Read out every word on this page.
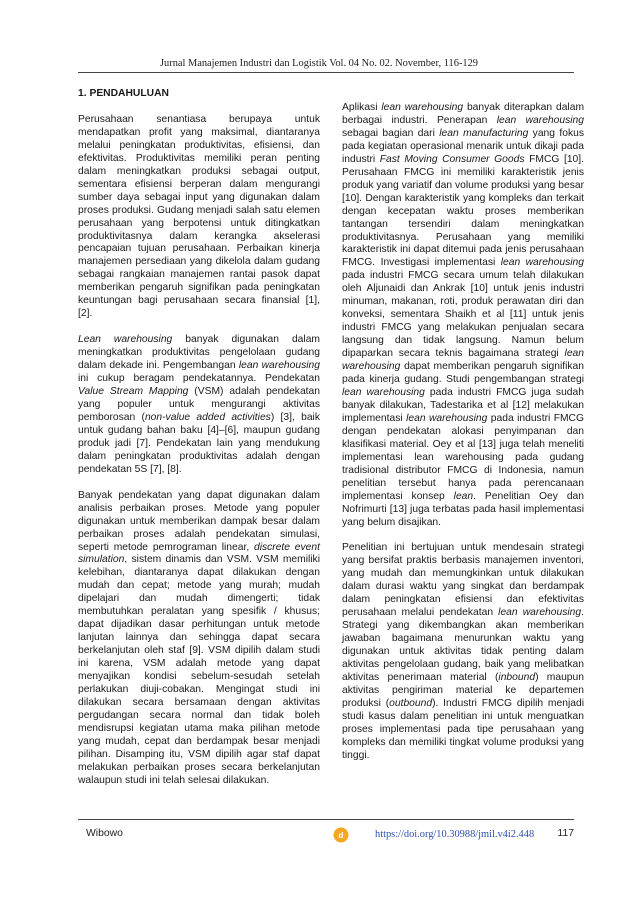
Jurnal Manajemen Industri dan Logistik Vol. 04 No. 02. November, 116-129
1. PENDAHULUAN

Perusahaan senantiasa berupaya untuk mendapatkan profit yang maksimal, diantaranya melalui peningkatan produktivitas, efisiensi, dan efektivitas. Produktivitas memiliki peran penting dalam meningkatkan produksi sebagai output, sementara efisiensi berperan dalam mengurangi sumber daya sebagai input yang digunakan dalam proses produksi. Gudang menjadi salah satu elemen perusahaan yang berpotensi untuk ditingkatkan produktivitasnya dalam kerangka akselerasi pencapaian tujuan perusahaan. Perbaikan kinerja manajemen persediaan yang dikelola dalam gudang sebagai rangkaian manajemen rantai pasok dapat memberikan pengaruh signifikan pada peningkatan keuntungan bagi perusahaan secara finansial [1], [2].

Lean warehousing banyak digunakan dalam meningkatkan produktivitas pengelolaan gudang dalam dekade ini. Pengembangan lean warehousing ini cukup beragam pendekatannya. Pendekatan Value Stream Mapping (VSM) adalah pendekatan yang populer untuk mengurangi aktivitas pemborosan (non-value added activities) [3], baik untuk gudang bahan baku [4]–[6], maupun gudang produk jadi [7]. Pendekatan lain yang mendukung dalam peningkatan produktivitas adalah dengan pendekatan 5S [7], [8].

Banyak pendekatan yang dapat digunakan dalam analisis perbaikan proses. Metode yang populer digunakan untuk memberikan dampak besar dalam perbaikan proses adalah pendekatan simulasi, seperti metode pemrograman linear, discrete event simulation, sistem dinamis dan VSM. VSM memiliki kelebihan, diantaranya dapat dilakukan dengan mudah dan cepat; metode yang murah; mudah dipelajari dan mudah dimengerti; tidak membutuhkan peralatan yang spesifik / khusus; dapat dijadikan dasar perhitungan untuk metode lanjutan lainnya dan sehingga dapat secara berkelanjutan oleh staf [9]. VSM dipilih dalam studi ini karena, VSM adalah metode yang dapat menyajikan kondisi sebelum-sesudah setelah perlakukan diuji-cobakan. Mengingat studi ini dilakukan secara bersamaan dengan aktivitas pergudangan secara normal dan tidak boleh mendisrupsi kegiatan utama maka pilihan metode yang mudah, cepat dan berdampak besar menjadi pilihan. Disamping itu, VSM dipilih agar staf dapat melakukan perbaikan proses secara berkelanjutan walaupun studi ini telah selesai dilakukan.

Aplikasi lean warehousing banyak diterapkan dalam berbagai industri. Penerapan lean warehousing sebagai bagian dari lean manufacturing yang fokus pada kegiatan operasional menarik untuk dikaji pada industri Fast Moving Consumer Goods FMCG [10]. Perusahaan FMCG ini memiliki karakteristik jenis produk yang variatif dan volume produksi yang besar [10]. Dengan karakteristik yang kompleks dan terkait dengan kecepatan waktu proses memberikan tantangan tersendiri dalam meningkatkan produktivitasnya. Perusahaan yang memiliki karakteristik ini dapat ditemui pada jenis perusahaan FMCG. Investigasi implementasi lean warehousing pada industri FMCG secara umum telah dilakukan oleh Aljunaidi dan Ankrak [10] untuk jenis industri minuman, makanan, roti, produk perawatan diri dan konveksi, sementara Shaikh et al [11] untuk jenis industri FMCG yang melakukan penjualan secara langsung dan tidak langsung. Namun belum dipaparkan secara teknis bagaimana strategi lean warehousing dapat memberikan pengaruh signifikan pada kinerja gudang. Studi pengembangan strategi lean warehousing pada industri FMCG juga sudah banyak dilakukan, Tadestarika et al [12] melakukan implementasi lean warehousing pada industri FMCG dengan pendekatan alokasi penyimpanan dan klasifikasi material. Oey et al [13] juga telah meneliti implementasi lean warehousing pada gudang tradisional distributor FMCG di Indonesia, namun penelitian tersebut hanya pada perencanaan implementasi konsep lean. Penelitian Oey dan Nofrimurti [13] juga terbatas pada hasil implementasi yang belum disajikan.

Penelitian ini bertujuan untuk mendesain strategi yang bersifat praktis berbasis manajemen inventori, yang mudah dan memungkinkan untuk dilakukan dalam durasi waktu yang singkat dan berdampak dalam peningkatan efisiensi dan efektivitas perusahaan melalui pendekatan lean warehousing. Strategi yang dikembangkan akan memberikan jawaban bagaimana menurunkan waktu yang digunakan untuk aktivitas tidak penting dalam aktivitas pengelolaan gudang, baik yang melibatkan aktivitas penerimaan material (inbound) maupun aktivitas pengiriman material ke departemen produksi (outbound). Industri FMCG dipilih menjadi studi kasus dalam penelitian ini untuk menguatkan proses implementasi pada tipe perusahaan yang kompleks dan memiliki tingkat volume produksi yang tinggi.

Wibowo	d	https://doi.org/10.30988/jmil.v4i2.448 117
